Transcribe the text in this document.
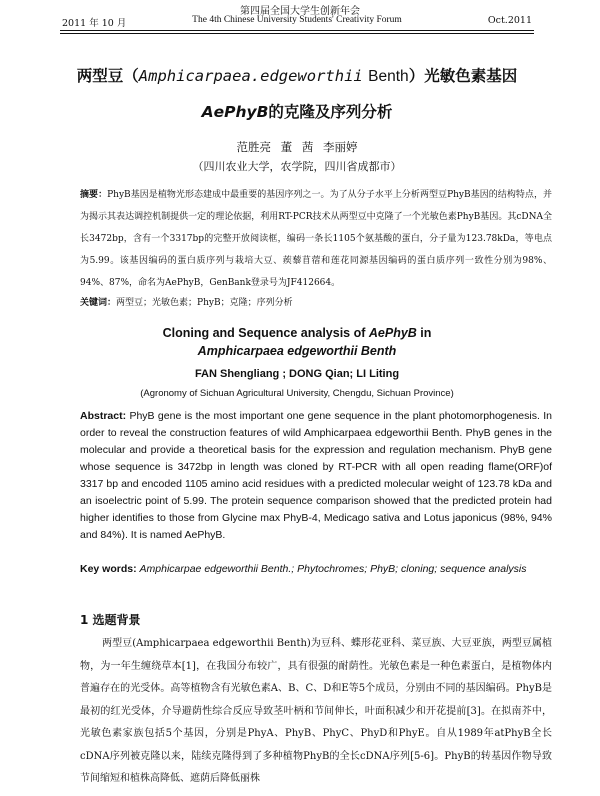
第四届全国大学生创新年会
2011 年 10 月	The 4th Chinese University Students' Creativity Forum	Oct.2011
两型豆（Amphicarpaea.edgeworthii Benth）光敏色素基因
AePhyB的克隆及序列分析
范胜亮 董 茜 李丽婷
（四川农业大学，农学院，四川省成都市）
摘要：PhyB基因是植物光形态建成中最重要的基因序列之一。为了从分子水平上分析两型豆PhyB基因的结构特点，并为揭示其表达调控机制提供一定的理论依据，利用RT-PCR技术从两型豆中克隆了一个光敏色素PhyB基因。其cDNA全长3472bp，含有一个3317bp的完整开放阅读框，编码一条长1105个氨基酸的蛋白，分子量为123.78kDa，等电点为5.99。该基因编码的蛋白质序列与栽培大豆、蒺藜苜蓿和莲花同源基因编码的蛋白质序列一致性分别为98%、94%、87%，命名为AePhyB，GenBank登录号为JF412664。
关键词：两型豆；光敏色素；PhyB；克隆；序列分析
Cloning and Sequence analysis of AePhyB in
Amphicarpaea edgeworthii Benth
FAN Shengliang ; DONG Qian; LI Liting
(Agronomy of Sichuan Agricultural University, Chengdu, Sichuan Province)
Abstract: PhyB gene is the most important one gene sequence in the plant photomorphogenesis. In order to reveal the construction features of wild Amphicarpaea edgeworthii Benth. PhyB genes in the molecular and provide a theoretical basis for the expression and regulation mechanism. PhyB gene whose sequence is 3472bp in length was cloned by RT-PCR with all open reading flame(ORF)of 3317 bp and encoded 1105 amino acid residues with a predicted molecular weight of 123.78 kDa and an isoelectric point of 5.99. The protein sequence comparison showed that the predicted protein had higher identifies to those from Glycine max PhyB-4, Medicago sativa and Lotus japonicus (98%, 94% and 84%). It is named AePhyB.
Key words: Amphicarpae edgeworthii Benth.; Phytochromes; PhyB; cloning; sequence analysis
1 选题背景
两型豆(Amphicarpaea edgeworthii Benth)为豆科、蝶形花亚科、菜豆族、大豆亚族，两型豆属植物，为一年生缠绕草本[1]，在我国分布较广，具有很强的耐荫性。光敏色素是一种色素蛋白，是植物体内普遍存在的光受体。高等植物含有光敏色素A、B、C、D和E等5个成员，分别由不同的基因编码。PhyB是最初的红光受体，介导避荫性综合反应导致茎叶柄和节间伸长，叶面积减少和开花提前[3]。在拟南芥中，光敏色素家族包括5个基因，分别是PhyA、PhyB、PhyC、PhyD和PhyE。自从1989年atPhyB全长cDNA序列被克隆以来，陆续克隆得到了多种植物PhyB的全长cDNA序列[5-6]。PhyB的转基因作物导致节间缩短和植株高降低、遮荫后降低丽株
